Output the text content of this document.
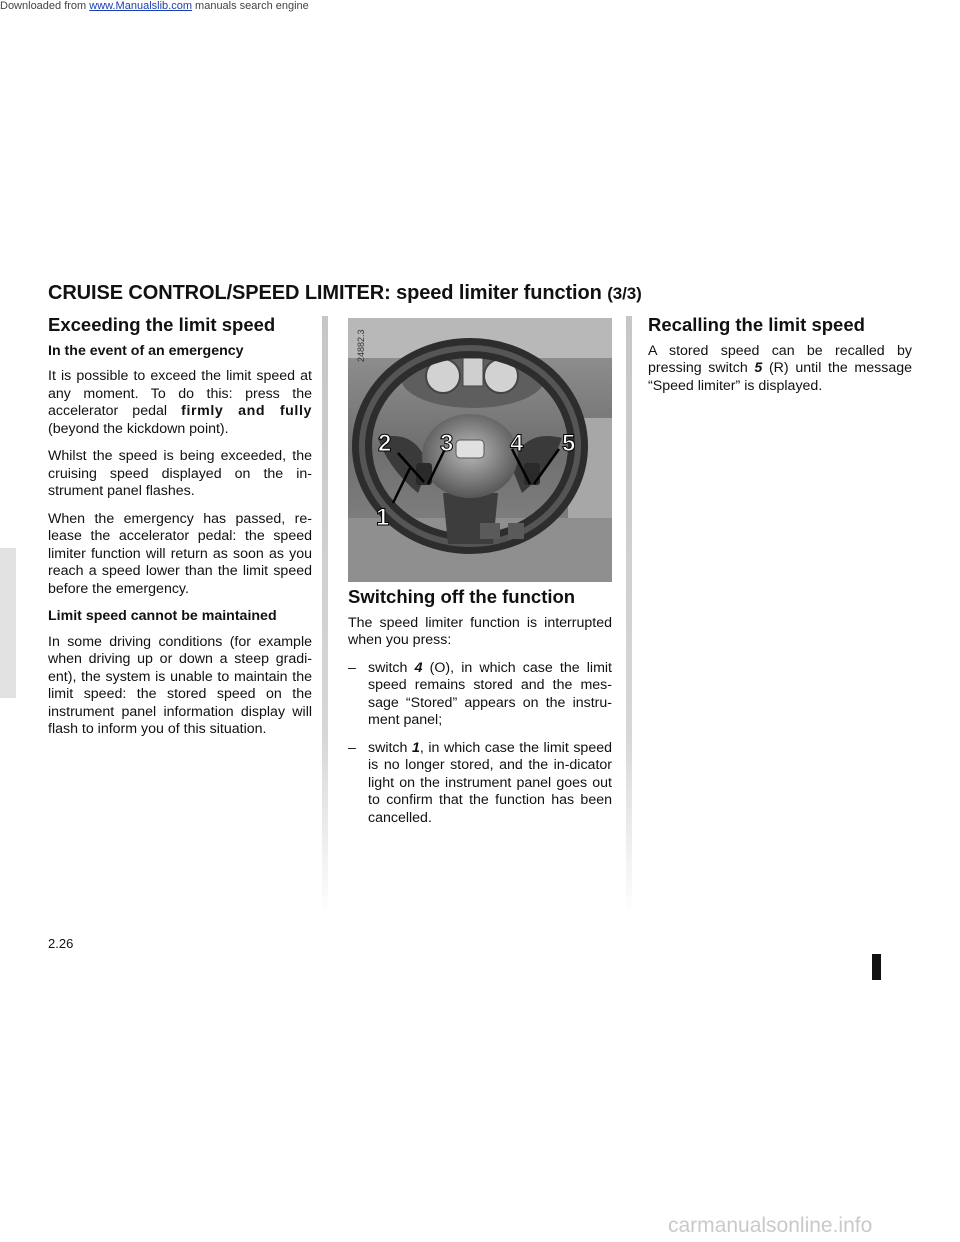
Downloaded from www.Manualslib.com manuals search engine
CRUISE CONTROL/SPEED LIMITER: speed limiter function (3/3)
Exceeding the limit speed
In the event of an emergency

It is possible to exceed the limit speed at any moment. To do this: press the accelerator pedal firmly and fully (beyond the kickdown point).

Whilst the speed is being exceeded, the cruising speed displayed on the in-strument panel flashes.

When the emergency has passed, re-lease the accelerator pedal: the speed limiter function will return as soon as you reach a speed lower than the limit speed before the emergency.

Limit speed cannot be maintained

In some driving conditions (for example when driving up or down a steep gradi-ent), the system is unable to maintain the limit speed: the stored speed on the instrument panel information display will flash to inform you of this situation.

2 3 4 5
1
24882.3
Switching off the function

The speed limiter function is interrupted when you press:

– switch 4 (O), in which case the limit speed remains stored and the mes-sage “Stored” appears on the instru-ment panel;
– switch 1, in which case the limit speed is no longer stored, and the in-dicator light on the instrument panel goes out to confirm that the function has been cancelled.
Recalling the limit speed

A stored speed can be recalled by pressing switch 5 (R) until the message “Speed limiter” is displayed.

2.26
carmanualsonline.info
